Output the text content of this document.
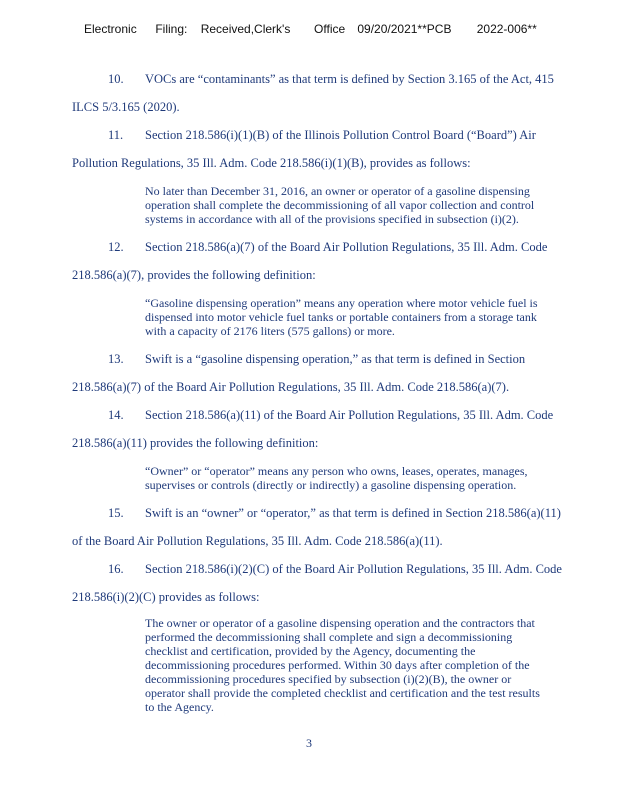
Electronic Filing: Received,Clerk's Office 09/20/2021**PCB 2022-006**
10. VOCs are “contaminants” as that term is defined by Section 3.165 of the Act, 415
ILCS 5/3.165 (2020).
11. Section 218.586(i)(1)(B) of the Illinois Pollution Control Board (“Board”) Air
Pollution Regulations, 35 Ill. Adm. Code 218.586(i)(1)(B), provides as follows:
No later than December 31, 2016, an owner or operator of a gasoline dispensing
operation shall complete the decommissioning of all vapor collection and control
systems in accordance with all of the provisions specified in subsection (i)(2).
12. Section 218.586(a)(7) of the Board Air Pollution Regulations, 35 Ill. Adm. Code
218.586(a)(7), provides the following definition:
“Gasoline dispensing operation” means any operation where motor vehicle fuel is
dispensed into motor vehicle fuel tanks or portable containers from a storage tank
with a capacity of 2176 liters (575 gallons) or more.
13. Swift is a “gasoline dispensing operation,” as that term is defined in Section
218.586(a)(7) of the Board Air Pollution Regulations, 35 Ill. Adm. Code 218.586(a)(7).
14. Section 218.586(a)(11) of the Board Air Pollution Regulations, 35 Ill. Adm. Code
218.586(a)(11) provides the following definition:
“Owner” or “operator” means any person who owns, leases, operates, manages,
supervises or controls (directly or indirectly) a gasoline dispensing operation.
15. Swift is an “owner” or “operator,” as that term is defined in Section 218.586(a)(11)
of the Board Air Pollution Regulations, 35 Ill. Adm. Code 218.586(a)(11).
16. Section 218.586(i)(2)(C) of the Board Air Pollution Regulations, 35 Ill. Adm. Code
218.586(i)(2)(C) provides as follows:
The owner or operator of a gasoline dispensing operation and the contractors that
performed the decommissioning shall complete and sign a decommissioning
checklist and certification, provided by the Agency, documenting the
decommissioning procedures performed. Within 30 days after completion of the
decommissioning procedures specified by subsection (i)(2)(B), the owner or
operator shall provide the completed checklist and certification and the test results
to the Agency.
3
